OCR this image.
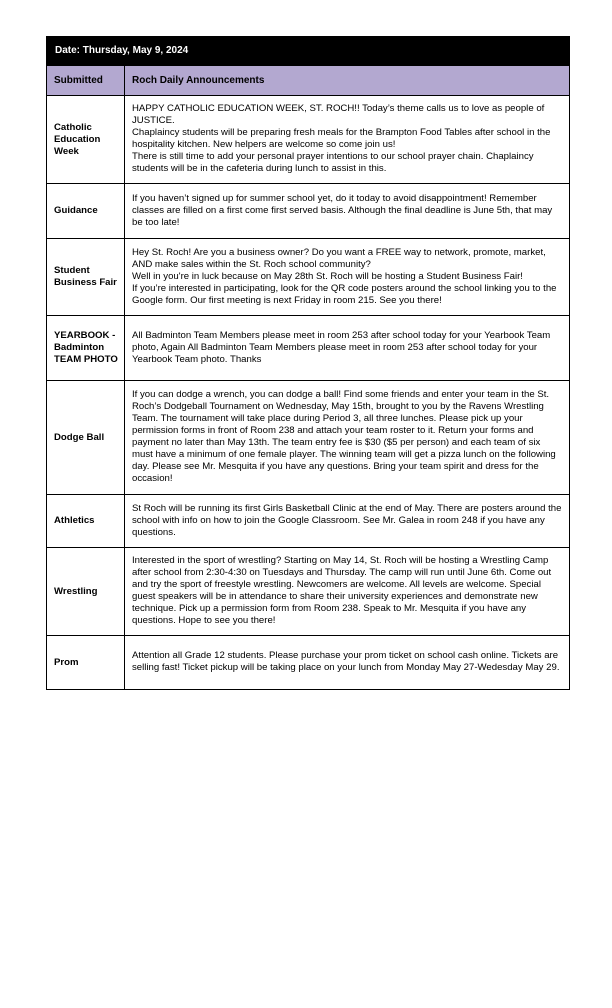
Date: Thursday, May 9, 2024	
Submitted	Roch Daily Announcements
Catholic Education Week	HAPPY CATHOLIC EDUCATION WEEK, ST. ROCH!! Today’s theme calls us to love as people of JUSTICE.
Chaplaincy students will be preparing fresh meals for the Brampton Food Tables after school in the hospitality kitchen. New helpers are welcome so come join us!
There is still time to add your personal prayer intentions to our school prayer chain. Chaplaincy students will be in the cafeteria during lunch to assist in this.

Guidance	If you haven’t signed up for summer school yet, do it today to avoid disappointment! Remember classes are filled on a first come first served basis. Although the final deadline is June 5th, that may be too late!

Student Business Fair	Hey St. Roch! Are you a business owner? Do you want a FREE way to network, promote, market, AND make sales within the St. Roch school community?
Well in you're in luck because on May 28th St. Roch will be hosting a Student Business Fair!
If you’re interested in participating, look for the QR code posters around the school linking you to the Google form. Our first meeting is next Friday in room 215. See you there!

YEARBOOK - Badminton TEAM PHOTO	All Badminton Team Members please meet in room 253 after school today for your Yearbook Team photo, Again All Badminton Team Members please meet in room 253 after school today for your Yearbook Team photo. Thanks

Dodge Ball	If you can dodge a wrench, you can dodge a ball! Find some friends and enter your team in the St. Roch’s Dodgeball Tournament on Wednesday, May 15th, brought to you by the Ravens Wrestling Team. The tournament will take place during Period 3, all three lunches. Please pick up your permission forms in front of Room 238 and attach your team roster to it. Return your forms and payment no later than May 13th. The team entry fee is $30 ($5 per person) and each team of six must have a minimum of one female player. The winning team will get a pizza lunch on the following day. Please see Mr. Mesquita if you have any questions. Bring your team spirit and dress for the occasion!

Athletics	St Roch will be running its first Girls Basketball Clinic at the end of May. There are posters around the school with info on how to join the Google Classroom. See Mr. Galea in room 248 if you have any questions.

Wrestling	Interested in the sport of wrestling? Starting on May 14, St. Roch will be hosting a Wrestling Camp after school from 2:30-4:30 on Tuesdays and Thursday. The camp will run until June 6th. Come out and try the sport of freestyle wrestling. Newcomers are welcome. All levels are welcome. Special guest speakers will be in attendance to share their university experiences and demonstrate new technique. Pick up a permission form from Room 238. Speak to Mr. Mesquita if you have any questions. Hope to see you there!

Prom	Attention all Grade 12 students. Please purchase your prom ticket on school cash online. Tickets are selling fast! Ticket pickup will be taking place on your lunch from Monday May 27-Wedesday May 29.
